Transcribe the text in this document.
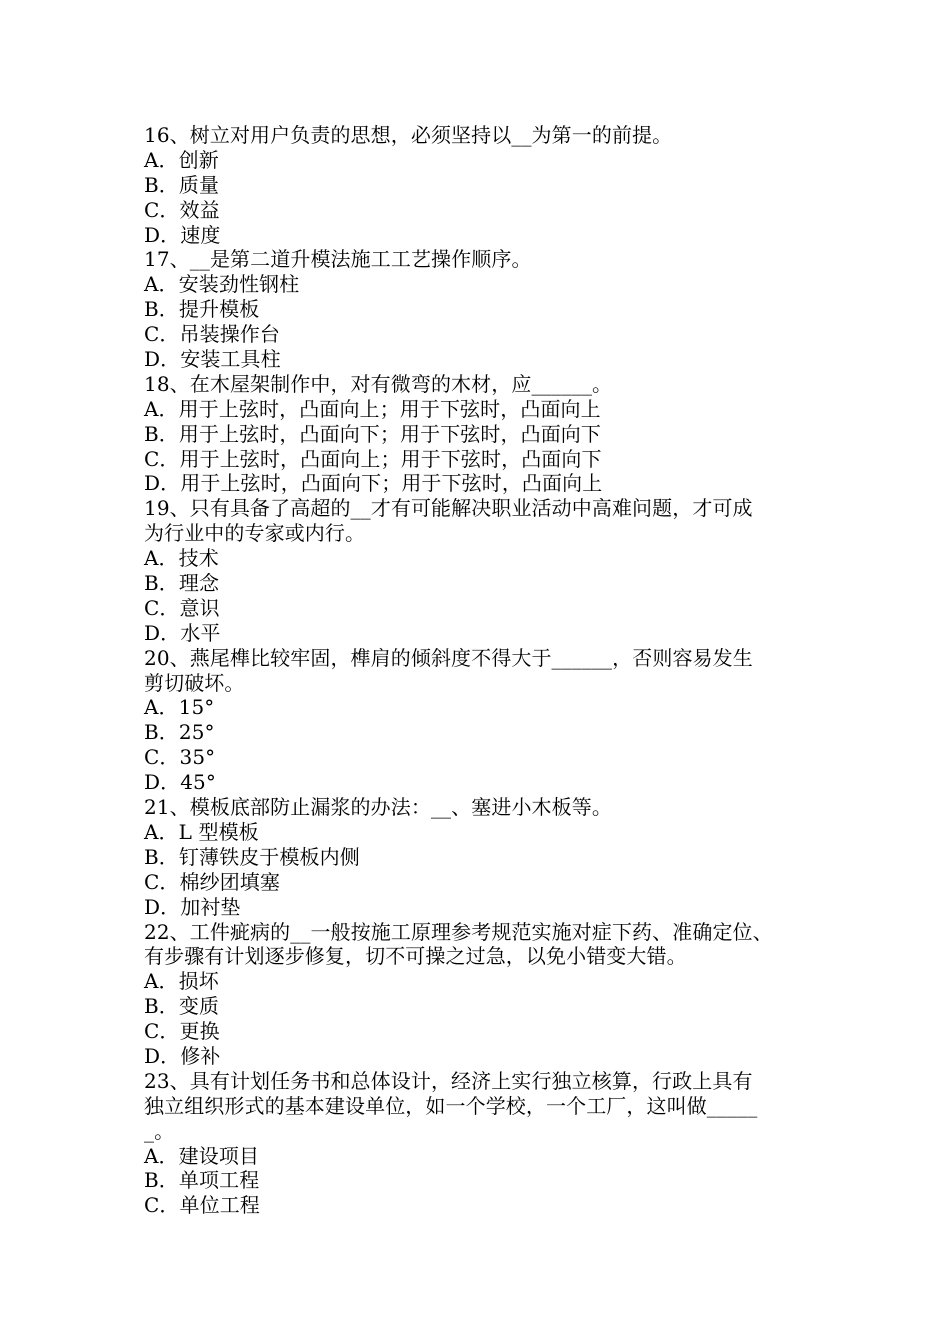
16、树立对用户负责的思想，必须坚持以__为第一的前提。
A．创新
B．质量
C．效益
D．速度
17、__是第二道升模法施工工艺操作顺序。
A．安装劲性钢柱
B．提升模板
C．吊装操作台
D．安装工具柱
18、在木屋架制作中，对有微弯的木材，应______。
A．用于上弦时，凸面向上；用于下弦时，凸面向上
B．用于上弦时，凸面向下；用于下弦时，凸面向下
C．用于上弦时，凸面向上；用于下弦时，凸面向下
D．用于上弦时，凸面向下；用于下弦时，凸面向上
19、只有具备了高超的__才有可能解决职业活动中高难问题，才可成
为行业中的专家或内行。
A．技术
B．理念
C．意识
D．水平
20、燕尾榫比较牢固，榫肩的倾斜度不得大于______，否则容易发生
剪切破坏。
A．15°
B．25°
C．35°
D．45°
21、模板底部防止漏浆的办法：__、塞进小木板等。
A．L 型模板
B．钉薄铁皮于模板内侧
C．棉纱团填塞
D．加衬垫
22、工件疵病的__一般按施工原理参考规范实施对症下药、准确定位、
有步骤有计划逐步修复，切不可操之过急，以免小错变大错。
A．损坏
B．变质
C．更换
D．修补
23、具有计划任务书和总体设计，经济上实行独立核算，行政上具有
独立组织形式的基本建设单位，如一个学校，一个工厂，这叫做_____
_。
A．建设项目
B．单项工程
C．单位工程
